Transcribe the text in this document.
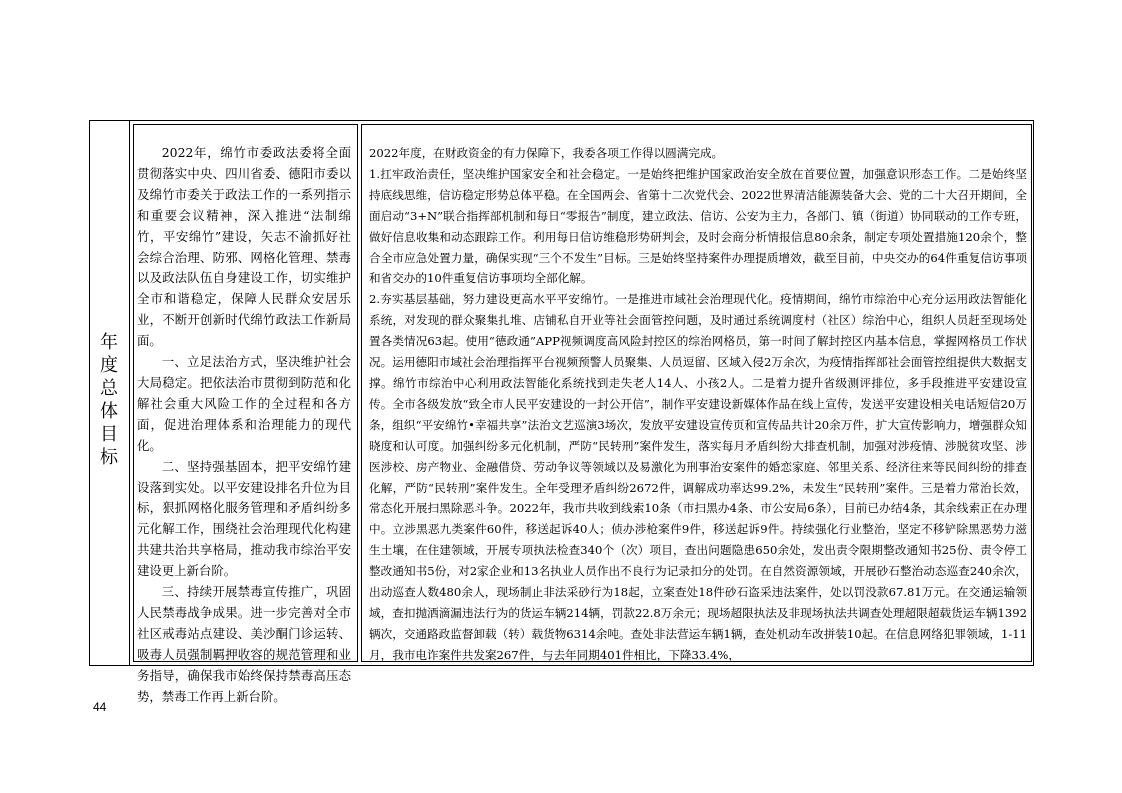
年
度
总
体
目
标

2022年，绵竹市委政法委将全面贯彻落实中央、四川省委、德阳市委以及绵竹市委关于政法工作的一系列指示和重要会议精神，深入推进“法制绵竹，平安绵竹”建设，矢志不渝抓好社会综合治理、防邪、网格化管理、禁毒以及政法队伍自身建设工作，切实维护全市和谐稳定，保障人民群众安居乐业，不断开创新时代绵竹政法工作新局面。

一、立足法治方式，坚决维护社会大局稳定。把依法治市贯彻到防范和化解社会重大风险工作的全过程和各方面，促进治理体系和治理能力的现代化。

二、坚持强基固本，把平安绵竹建设落到实处。以平安建设排名升位为目标，狠抓网格化服务管理和矛盾纠纷多元化解工作，围绕社会治理现代化构建共建共治共享格局，推动我市综治平安建设更上新台阶。

三、持续开展禁毒宣传推广，巩固人民禁毒战争成果。进一步完善对全市社区戒毒站点建设、美沙酮门诊运转、吸毒人员强制羁押收容的规范管理和业务指导，确保我市始终保持禁毒高压态势，禁毒工作再上新台阶。

2022年度，在财政资金的有力保障下，我委各项工作得以圆满完成。

1.扛牢政治责任，坚决维护国家安全和社会稳定。一是始终把维护国家政治安全放在首要位置，加强意识形态工作。二是始终坚持底线思维，信访稳定形势总体平稳。在全国两会、省第十二次党代会、2022世界清洁能源装备大会、党的二十大召开期间，全面启动“3+N”联合指挥部机制和每日“零报告”制度，建立政法、信访、公安为主力，各部门、镇（街道）协同联动的工作专班，做好信息收集和动态跟踪工作。利用每日信访维稳形势研判会，及时会商分析情报信息80余条，制定专项处置措施120余个，整合全市应急处置力量，确保实现“三个不发生”目标。三是始终坚持案件办理提质增效，截至目前，中央交办的64件重复信访事项和省交办的10件重复信访事项均全部化解。

2.夯实基层基础，努力建设更高水平平安绵竹。一是推进市域社会治理现代化。疫情期间，绵竹市综治中心充分运用政法智能化系统，对发现的群众聚集扎堆、店铺私自开业等社会面管控问题，及时通过系统调度村（社区）综治中心，组织人员赶至现场处置各类情况63起。使用“德政通”APP视频调度高风险封控区的综治网格员，第一时间了解封控区内基本信息，掌握网格员工作状况。运用德阳市域社会治理指挥平台视频预警人员聚集、人员逗留、区域入侵2万余次，为疫情指挥部社会面管控组提供大数据支撑。绵竹市综治中心利用政法智能化系统找到走失老人14人、小孩2人。二是着力提升省级测评排位，多手段推进平安建设宣传。全市各级发放“致全市人民平安建设的一封公开信”，制作平安建设新媒体作品在线上宣传，发送平安建设相关电话短信20万条，组织“平安绵竹•幸福共享”法治文艺巡演3场次，发放平安建设宣传页和宣传品共计20余万件，扩大宣传影响力，增强群众知晓度和认可度。加强纠纷多元化机制，严防“民转刑”案件发生，落实每月矛盾纠纷大排查机制，加强对涉疫情、涉脱贫攻坚、涉医涉校、房产物业、金融借贷、劳动争议等领域以及易激化为刑事治安案件的婚恋家庭、邻里关系、经济往来等民间纠纷的排查化解，严防“民转刑”案件发生。全年受理矛盾纠纷2672件，调解成功率达99.2%，未发生“民转刑”案件。三是着力常治长效，常态化开展扫黑除恶斗争。2022年，我市共收到线索10条（市扫黑办4条、市公安局6条），目前已办结4条，其余线索正在办理中。立涉黑恶九类案件60件，移送起诉40人；侦办涉枪案件9件，移送起诉9件。持续强化行业整治，坚定不移铲除黑恶势力滋生土壤，在住建领域，开展专项执法检查340个（次）项目，查出问题隐患650余处，发出责令限期整改通知书25份、责令停工整改通知书5份，对2家企业和13名执业人员作出不良行为记录扣分的处罚。在自然资源领域，开展砂石整治动态巡查240余次，出动巡查人数480余人，现场制止非法采砂行为18起，立案查处18件砂石盗采违法案件，处以罚没款67.81万元。在交通运输领域，查扣抛洒滴漏违法行为的货运车辆214辆，罚款22.8万余元；现场超限执法及非现场执法共调查处理超限超载货运车辆1392辆次，交通路政监督卸载（转）载货物6314余吨。查处非法营运车辆1辆，查处机动车改拼装10起。在信息网络犯罪领域，1-11月，我市电诈案件共发案267件，与去年同期401件相比，下降33.4%，

44
